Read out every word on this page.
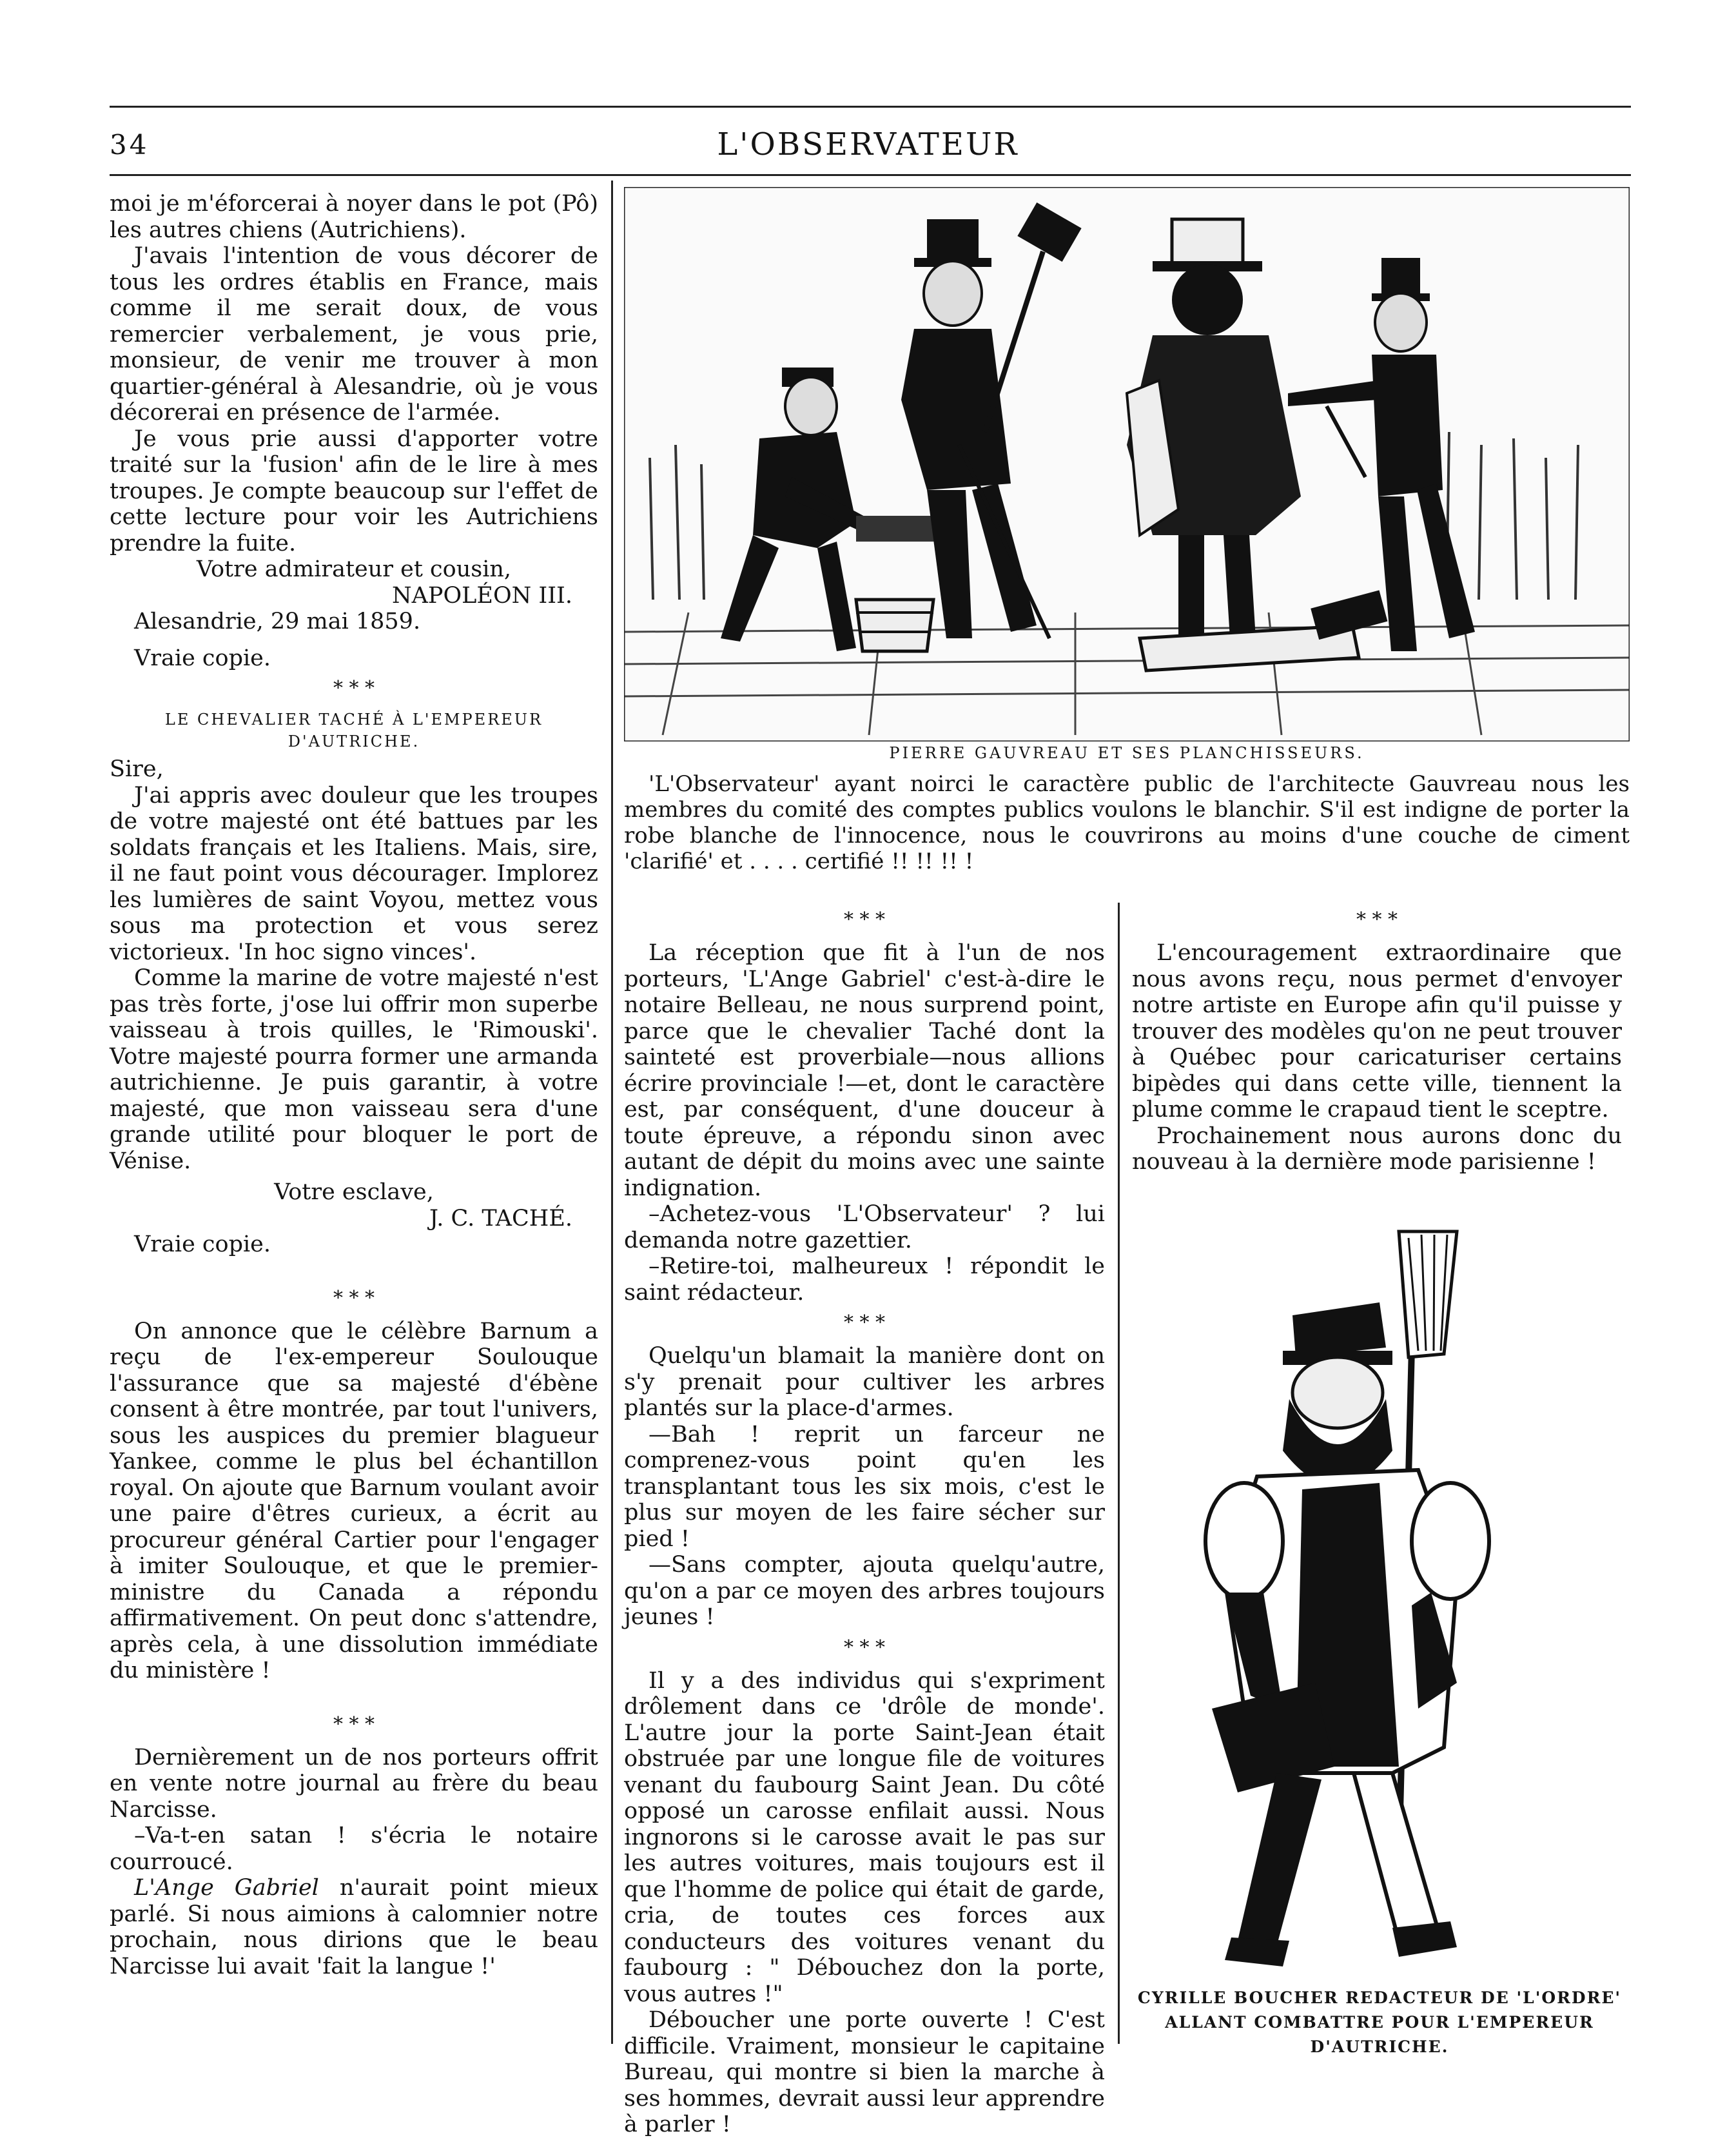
34	L'OBSERVATEUR

moi je m'éforcerai à noyer dans le pot (Pô) les autres chiens (Autrichiens).

J'avais l'intention de vous décorer de tous les ordres établis en France, mais comme il me serait doux, de vous remercier verbalement, je vous prie, monsieur, de venir me trouver à mon quartier-général à Alesandrie, où je vous décorerai en présence de l'armée.

Je vous prie aussi d'apporter votre traité sur la 'fusion' afin de le lire à mes troupes. Je compte beaucoup sur l'effet de cette lecture pour voir les Autrichiens prendre la fuite.

Votre admirateur et cousin,

NAPOLÉON III.

Alesandrie, 29 mai 1859.

Vraie copie.

* * *

LE CHEVALIER TACHÉ À L'EMPEREUR D'AUTRICHE.

Sire,

J'ai appris avec douleur que les troupes de votre majesté ont été battues par les soldats français et les Italiens. Mais, sire, il ne faut point vous décourager. Implorez les lumières de saint Voyou, mettez vous sous ma protection et vous serez victorieux. 'In hoc signo vinces'.

Comme la marine de votre majesté n'est pas très forte, j'ose lui offrir mon superbe vaisseau à trois quilles, le 'Rimouski'. Votre majesté pourra former une armanda autrichienne. Je puis garantir, à votre majesté, que mon vaisseau sera d'une grande utilité pour bloquer le port de Vénise.

Votre esclave,

J. C. TACHÉ.

Vraie copie.

* * *

On annonce que le célèbre Barnum a reçu de l'ex-empereur Soulouque l'assurance que sa majesté d'ébène consent à être montrée, par tout l'univers, sous les auspices du premier blagueur Yankee, comme le plus bel échantillon royal. On ajoute que Barnum voulant avoir une paire d'êtres curieux, a écrit au procureur général Cartier pour l'engager à imiter Soulouque, et que le premier-ministre du Canada a répondu affirmativement. On peut donc s'attendre, après cela, à une dissolution immédiate du ministère !

* * *

Dernièrement un de nos porteurs offrit en vente notre journal au frère du beau Narcisse.

–Va-t-en satan ! s'écria le notaire courroucé.

L'Ange Gabriel n'aurait point mieux parlé. Si nous aimions à calomnier notre prochain, nous dirions que le beau Narcisse lui avait 'fait la langue !'

PIERRE GAUVREAU ET SES PLANCHISSEURS.

'L'Observateur' ayant noirci le caractère public de l'architecte Gauvreau nous les membres du comité des comptes publics voulons le blanchir. S'il est indigne de porter la robe blanche de l'innocence, nous le couvrirons au moins d'une couche de ciment 'clarifié' et . . . . certifié !! !! !! !

* * *

La réception que fit à l'un de nos porteurs, 'L'Ange Gabriel' c'est-à-dire le notaire Belleau, ne nous surprend point, parce que le chevalier Taché dont la sainteté est proverbiale—nous allions écrire provinciale !—et, dont le caractère est, par conséquent, d'une douceur à toute épreuve, a répondu sinon avec autant de dépit du moins avec une sainte indignation.

–Achetez-vous 'L'Observateur' ? lui demanda notre gazettier.

–Retire-toi, malheureux ! répondit le saint rédacteur.

* * *

Quelqu'un blamait la manière dont on s'y prenait pour cultiver les arbres plantés sur la place-d'armes.

—Bah ! reprit un farceur ne comprenez-vous point qu'en les transplantant tous les six mois, c'est le plus sur moyen de les faire sécher sur pied !

—Sans compter, ajouta quelqu'autre, qu'on a par ce moyen des arbres toujours jeunes !

* * *

Il y a des individus qui s'expriment drôlement dans ce 'drôle de monde'. L'autre jour la porte Saint-Jean était obstruée par une longue file de voitures venant du faubourg Saint Jean. Du côté opposé un carosse enfilait aussi. Nous ingnorons si le carosse avait le pas sur les autres voitures, mais toujours est il que l'homme de police qui était de garde, cria, de toutes ces forces aux conducteurs des voitures venant du faubourg : " Débouchez don la porte, vous autres !"

Déboucher une porte ouverte ! C'est difficile. Vraiment, monsieur le capitaine Bureau, qui montre si bien la marche à ses hommes, devrait aussi leur apprendre à parler !

* * *

L'encouragement extraordinaire que nous avons reçu, nous permet d'envoyer notre artiste en Europe afin qu'il puisse y trouver des modèles qu'on ne peut trouver à Québec pour caricaturiser certains bipèdes qui dans cette ville, tiennent la plume comme le crapaud tient le sceptre.

Prochainement nous aurons donc du nouveau à la dernière mode parisienne !

CYRILLE BOUCHER REDACTEUR DE 'L'ORDRE' ALLANT COMBATTRE POUR L'EMPEREUR D'AUTRICHE.
